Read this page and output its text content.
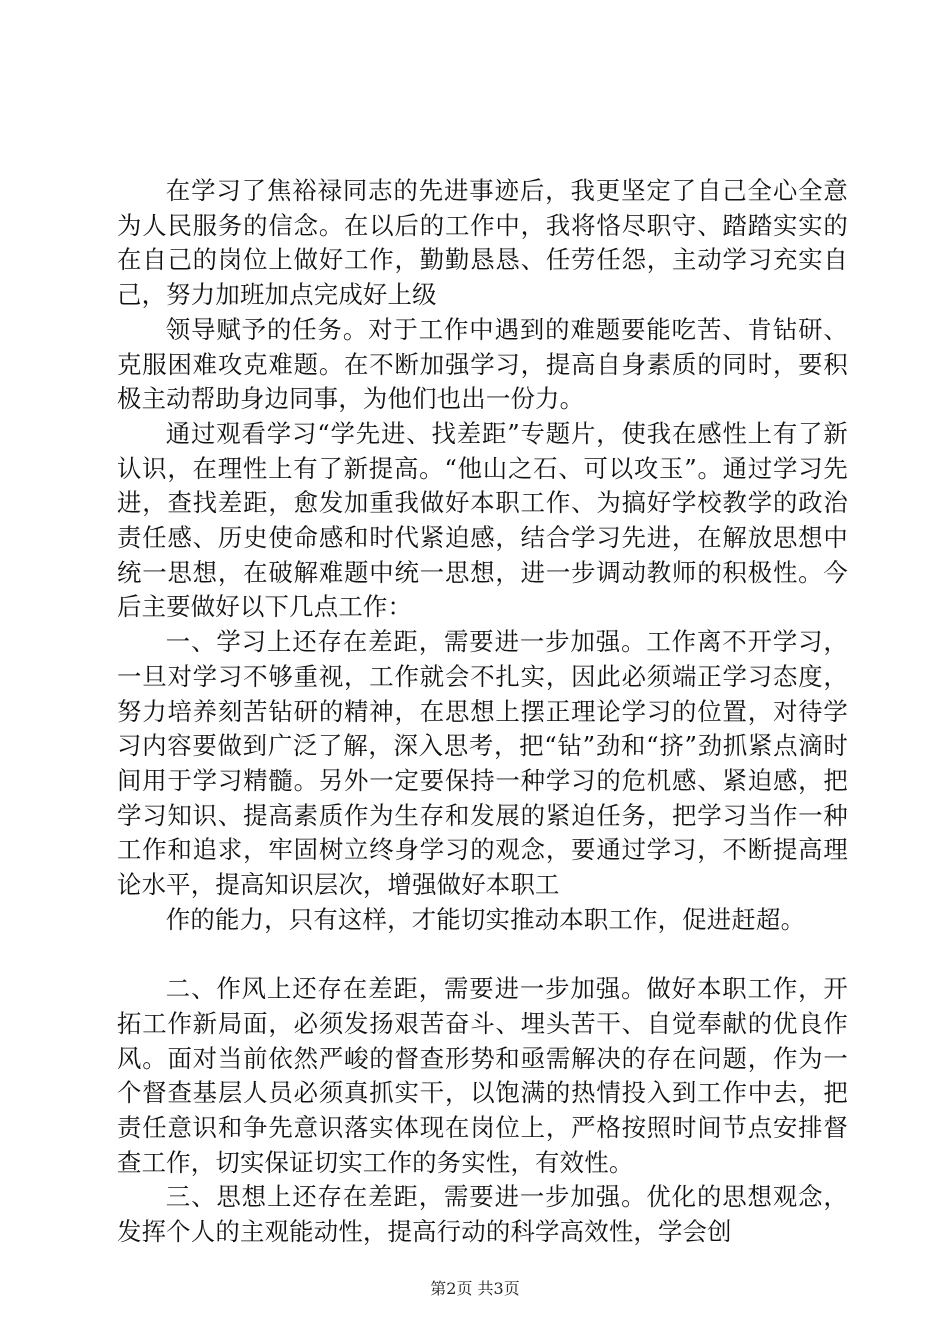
在学习了焦裕禄同志的先进事迹后，我更坚定了自己全心全意为人民服务的信念。在以后的工作中，我将恪尽职守、踏踏实实的在自己的岗位上做好工作，勤勤恳恳、任劳任怨，主动学习充实自己，努力加班加点完成好上级

领导赋予的任务。对于工作中遇到的难题要能吃苦、肯钻研、克服困难攻克难题。在不断加强学习，提高自身素质的同时，要积极主动帮助身边同事，为他们也出一份力。

通过观看学习“学先进、找差距”专题片，使我在感性上有了新认识，在理性上有了新提高。“他山之石、可以攻玉”。通过学习先进，查找差距，愈发加重我做好本职工作、为搞好学校教学的政治责任感、历史使命感和时代紧迫感，结合学习先进，在解放思想中统一思想，在破解难题中统一思想，进一步调动教师的积极性。今后主要做好以下几点工作：

一、学习上还存在差距，需要进一步加强。工作离不开学习，一旦对学习不够重视，工作就会不扎实，因此必须端正学习态度，努力培养刻苦钻研的精神，在思想上摆正理论学习的位置，对待学习内容要做到广泛了解，深入思考，把“钻”劲和“挤”劲抓紧点滴时间用于学习精髓。另外一定要保持一种学习的危机感、紧迫感，把学习知识、提高素质作为生存和发展的紧迫任务，把学习当作一种工作和追求，牢固树立终身学习的观念，要通过学习，不断提高理论水平，提高知识层次，增强做好本职工

作的能力，只有这样，才能切实推动本职工作，促进赶超。

二、作风上还存在差距，需要进一步加强。做好本职工作，开拓工作新局面，必须发扬艰苦奋斗、埋头苦干、自觉奉献的优良作风。面对当前依然严峻的督查形势和亟需解决的存在问题，作为一个督查基层人员必须真抓实干，以饱满的热情投入到工作中去，把责任意识和争先意识落实体现在岗位上，严格按照时间节点安排督查工作，切实保证切实工作的务实性，有效性。

三、思想上还存在差距，需要进一步加强。优化的思想观念，发挥个人的主观能动性，提高行动的科学高效性，学会创

第2页 共3页
